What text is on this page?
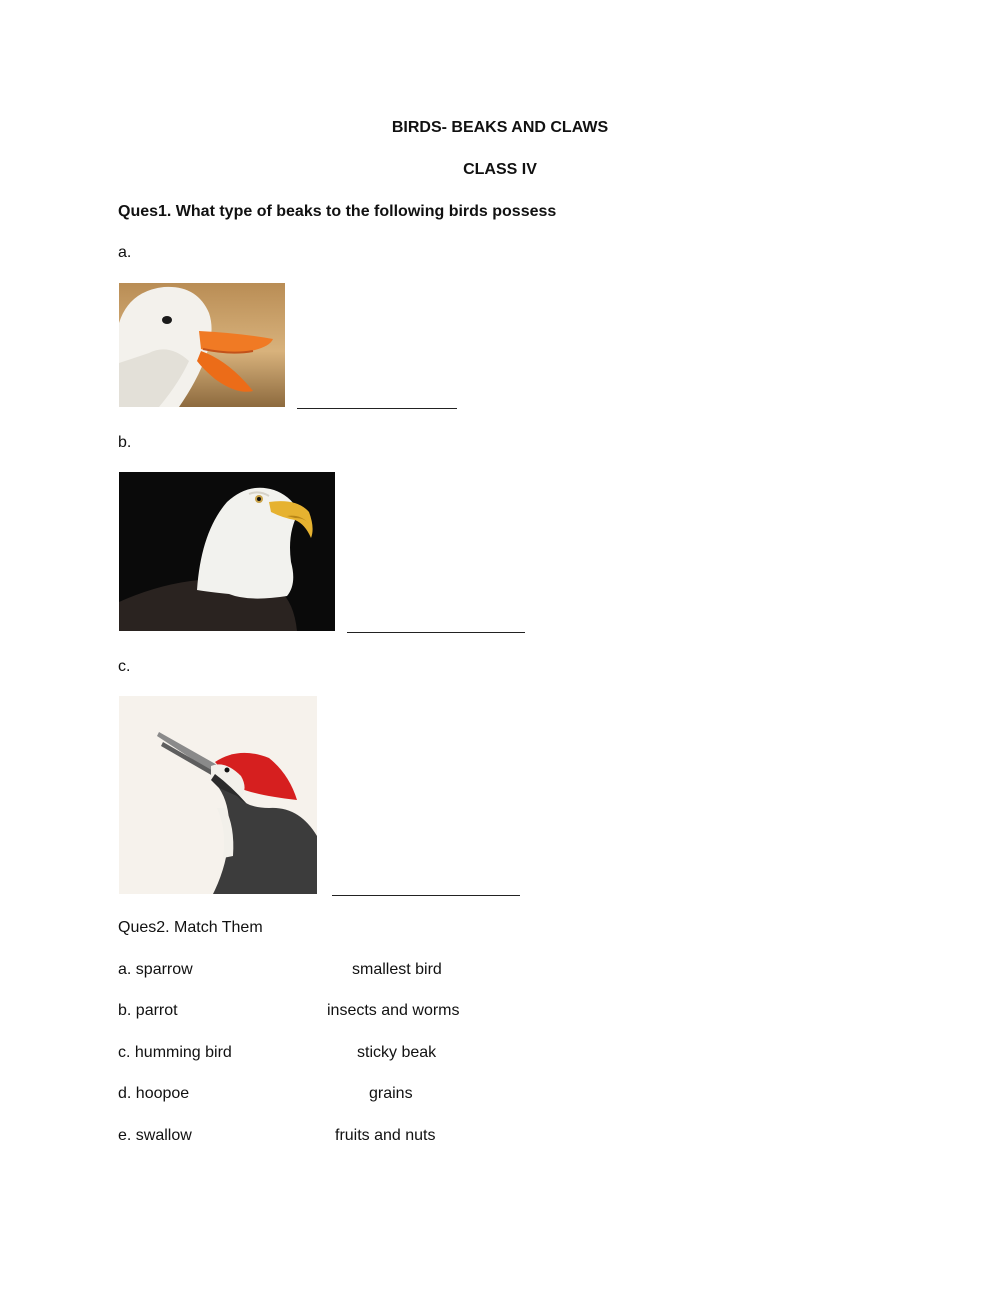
BIRDS- BEAKS AND CLAWS
CLASS IV
Ques1. What type of beaks to the following birds possess
a.
b.
c.
Ques2. Match Them
a. sparrow	smallest bird
b. parrot	insects and worms
c. humming bird	sticky beak
d. hoopoe	grains
e. swallow	fruits and nuts
